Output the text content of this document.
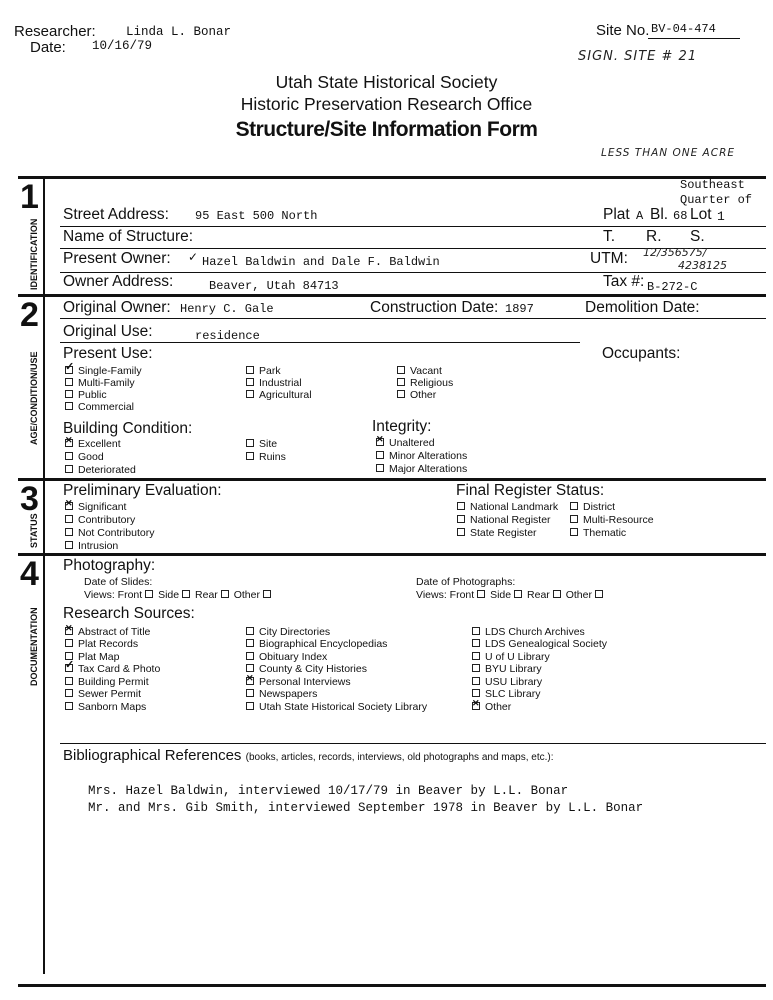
Researcher: Linda L. Bonar
Date: 10/16/79
Site No. BV-04-474
SIGN. SITE # 21
Utah State Historical Society
Historic Preservation Research Office
Structure/Site Information Form
LESS THAN ONE ACRE
1
IDENTIFICATION
Southeast
Quarter of
Street Address: 95 East 500 North	Plat A Bl. 68 Lot 1
Name of Structure:	T. R. S.
Present Owner: ✓ Hazel Baldwin and Dale F. Baldwin	UTM: 12/356575/
4238125
Owner Address:	Beaver, Utah 84713	Tax #: B-272-C
2
AGE/CONDITION/USE
Original Owner: Henry C. Gale	Construction Date: 1897	Demolition Date:
Original Use:	residence
Present Use:	Occupants:
✓Single-Family
Multi-Family
Public
Commercial
Park
Industrial
Agricultural
Vacant
Religious
Other
Building Condition:	Integrity:
✕Excellent
Good
Deteriorated
Site
Ruins
✕Unaltered
Minor Alterations
Major Alterations
3
STATUS
Preliminary Evaluation:	Final Register Status:
✕Significant
Contributory
Not Contributory
Intrusion
National Landmark
National Register
State Register
District
Multi-Resource
Thematic
4
DOCUMENTATION
Photography:
Date of Slides:	Date of Photographs:
Views: Front Side Rear Other	Views: Front Side Rear Other
Research Sources:
✕Abstract of Title
Plat Records
Plat Map
✓Tax Card & Photo
Building Permit
Sewer Permit
Sanborn Maps
City Directories
Biographical Encyclopedias
Obituary Index
County & City Histories
✕Personal Interviews
Newspapers
Utah State Historical Society Library
LDS Church Archives
LDS Genealogical Society
U of U Library
BYU Library
USU Library
SLC Library
✕Other
Bibliographical References (books, articles, records, interviews, old photographs and maps, etc.):
Mrs. Hazel Baldwin, interviewed 10/17/79 in Beaver by L.L. Bonar
Mr. and Mrs. Gib Smith, interviewed September 1978 in Beaver by L.L. Bonar
